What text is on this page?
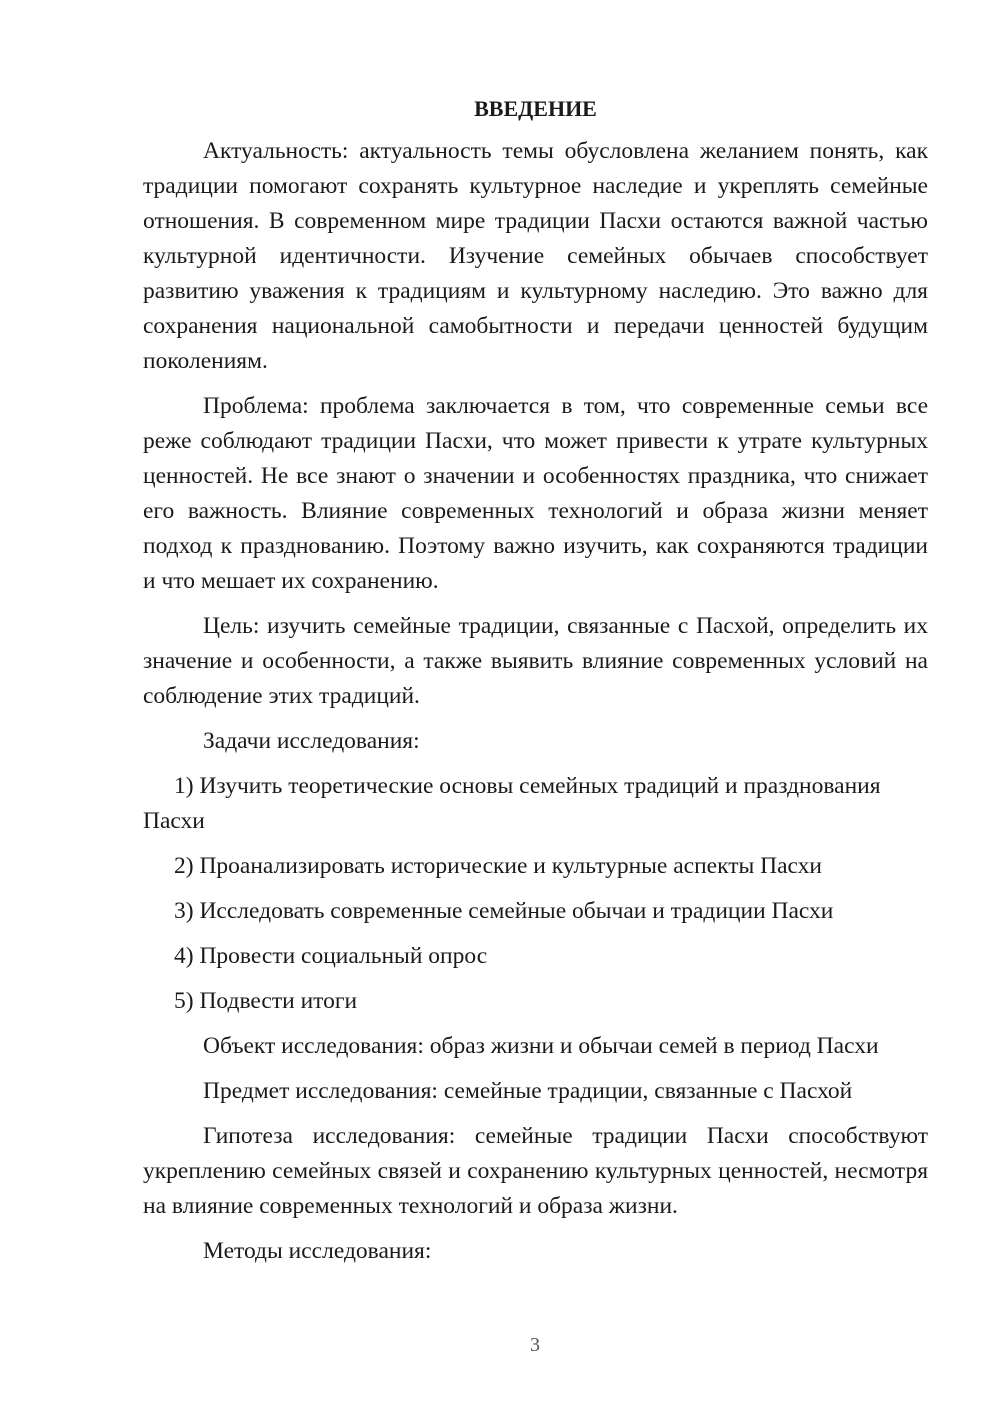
ВВЕДЕНИЕ

Актуальность: актуальность темы обусловлена желанием понять, как традиции помогают сохранять культурное наследие и укреплять семейные отношения. В современном мире традиции Пасхи остаются важной частью культурной идентичности. Изучение семейных обычаев способствует развитию уважения к традициям и культурному наследию. Это важно для сохранения национальной самобытности и передачи ценностей будущим поколениям.

Проблема: проблема заключается в том, что современные семьи все реже соблюдают традиции Пасхи, что может привести к утрате культурных ценностей. Не все знают о значении и особенностях праздника, что снижает его важность. Влияние современных технологий и образа жизни меняет подход к празднованию. Поэтому важно изучить, как сохраняются традиции и что мешает их сохранению.

Цель: изучить семейные традиции, связанные с Пасхой, определить их значение и особенности, а также выявить влияние современных условий на соблюдение этих традиций.

Задачи исследования:

1) Изучить теоретические основы семейных традиций и празднования Пасхи

2) Проанализировать исторические и культурные аспекты Пасхи

3) Исследовать современные семейные обычаи и традиции Пасхи

4) Провести социальный опрос

5) Подвести итоги

Объект исследования: образ жизни и обычаи семей в период Пасхи

Предмет исследования: семейные традиции, связанные с Пасхой

Гипотеза исследования: семейные традиции Пасхи способствуют укреплению семейных связей и сохранению культурных ценностей, несмотря на влияние современных технологий и образа жизни.

Методы исследования:

3
